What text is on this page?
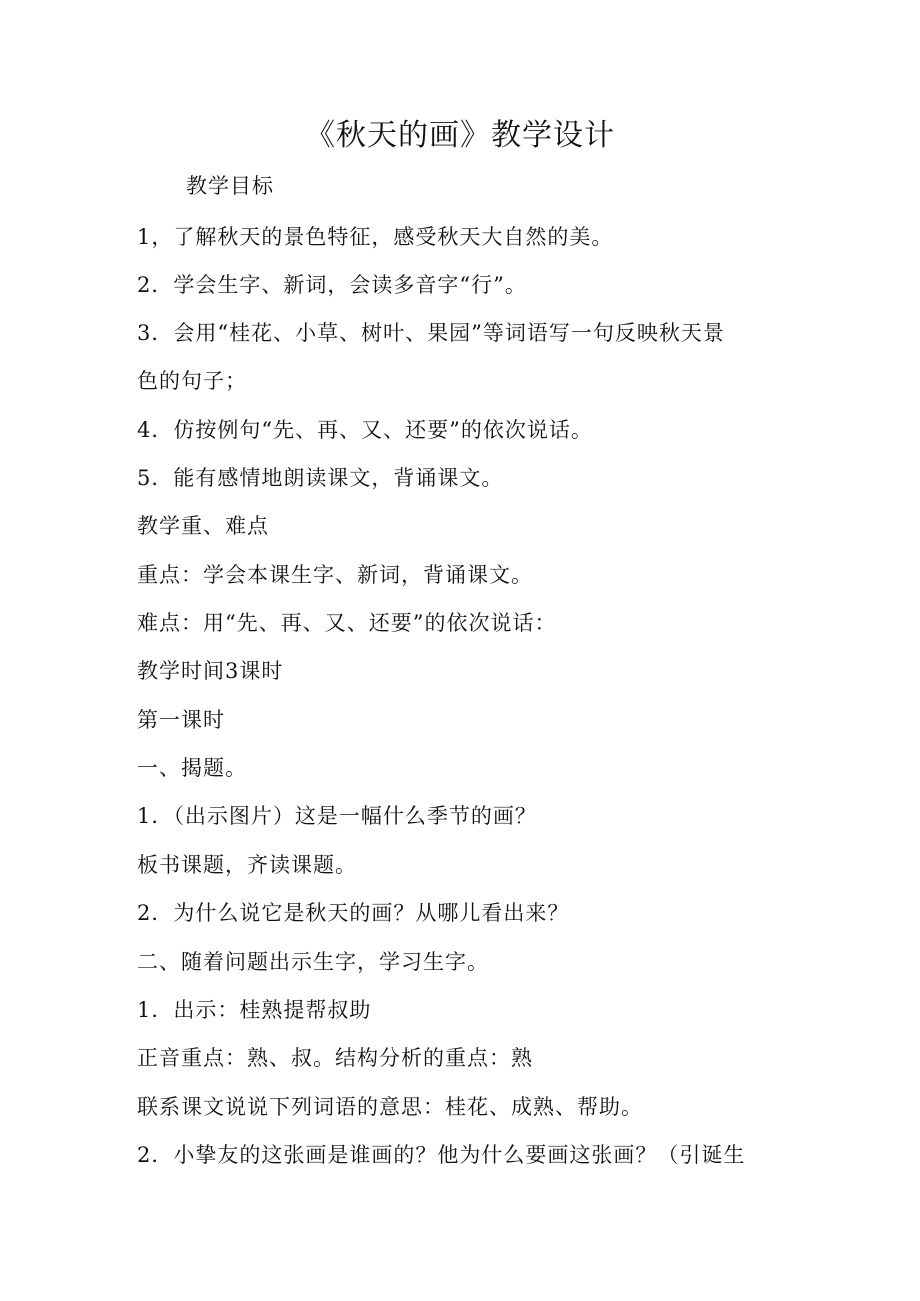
《秋天的画》教学设计
教学目标
1，了解秋天的景色特征，感受秋天大自然的美。
2．学会生字、新词，会读多音字“行”。
3．会用“桂花、小草、树叶、果园”等词语写一句反映秋天景
色的句子；
4．仿按例句“先、再、又、还要”的依次说话。
5．能有感情地朗读课文，背诵课文。
教学重、难点
重点：学会本课生字、新词，背诵课文。
难点：用“先、再、又、还要”的依次说话：
教学时间3课时
第一课时
一、揭题。
1．（出示图片）这是一幅什么季节的画？
板书课题，齐读课题。
2．为什么说它是秋天的画？从哪儿看出来？
二、随着问题出示生字，学习生字。
1．出示：桂熟提帮叔助
正音重点：熟、叔。结构分析的重点：熟
联系课文说说下列词语的意思：桂花、成熟、帮助。
2．小挚友的这张画是谁画的？他为什么要画这张画？（引诞生
